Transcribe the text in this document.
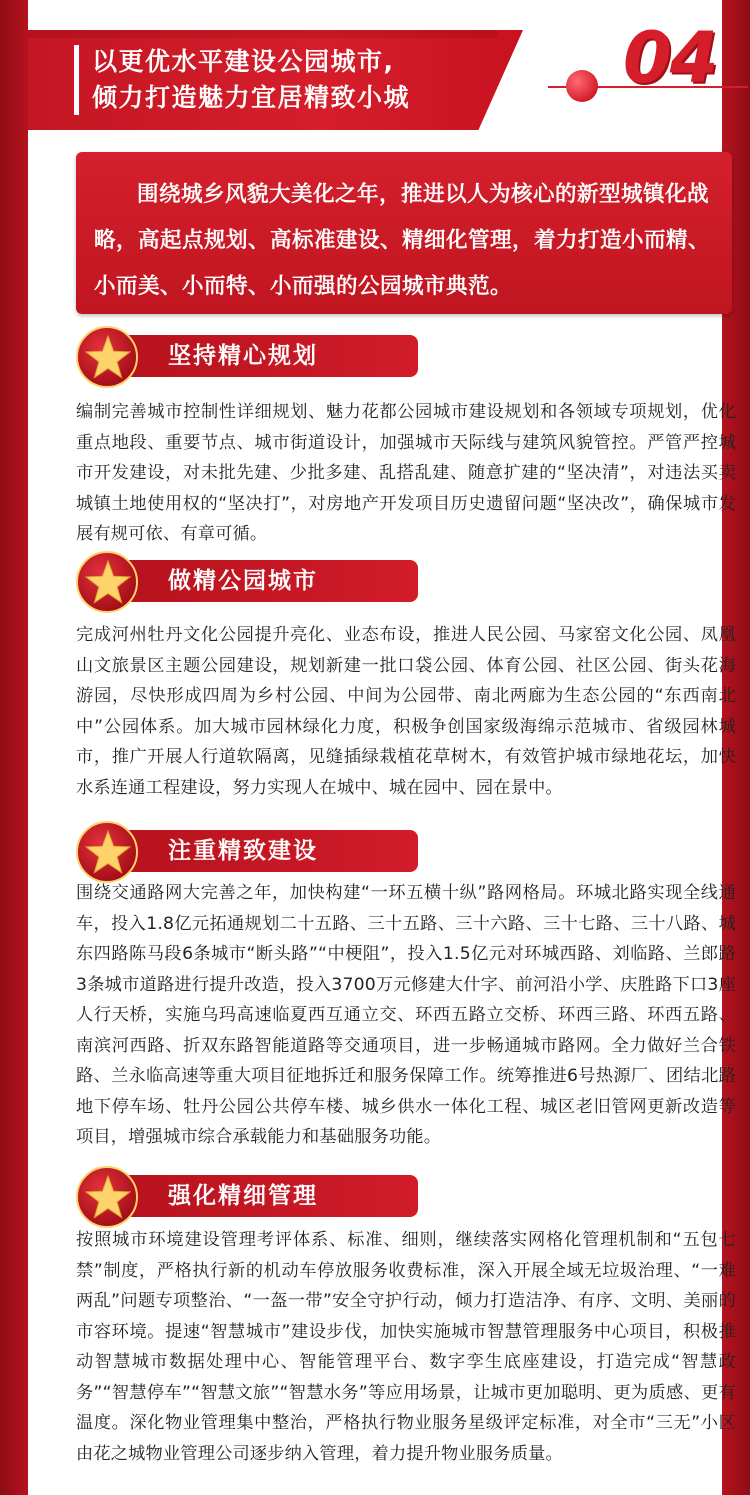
以更优水平建设公园城市,
倾力打造魅力宜居精致小城	04
围绕城乡风貌大美化之年，推进以人为核心的新型城镇化战略，高起点规划、高标准建设、精细化管理，着力打造小而精、小而美、小而特、小而强的公园城市典范。
坚持精心规划
编制完善城市控制性详细规划、魅力花都公园城市建设规划和各领域专项规划，优化重点地段、重要节点、城市街道设计，加强城市天际线与建筑风貌管控。严管严控城市开发建设，对未批先建、少批多建、乱搭乱建、随意扩建的“坚决清”，对违法买卖城镇土地使用权的“坚决打”，对房地产开发项目历史遗留问题“坚决改”，确保城市发展有规可依、有章可循。
做精公园城市
完成河州牡丹文化公园提升亮化、业态布设，推进人民公园、马家窑文化公园、凤凰山文旅景区主题公园建设，规划新建一批口袋公园、体育公园、社区公园、街头花海游园，尽快形成四周为乡村公园、中间为公园带、南北两廊为生态公园的“东西南北中”公园体系。加大城市园林绿化力度，积极争创国家级海绵示范城市、省级园林城市，推广开展人行道软隔离，见缝插绿栽植花草树木，有效管护城市绿地花坛，加快水系连通工程建设，努力实现人在城中、城在园中、园在景中。
注重精致建设
围绕交通路网大完善之年，加快构建“一环五横十纵”路网格局。环城北路实现全线通车，投入1.8亿元拓通规划二十五路、三十五路、三十六路、三十七路、三十八路、城东四路陈马段6条城市“断头路”“中梗阻”，投入1.5亿元对环城西路、刘临路、兰郎路3条城市道路进行提升改造，投入3700万元修建大什字、前河沿小学、庆胜路下口3座人行天桥，实施乌玛高速临夏西互通立交、环西五路立交桥、环西三路、环西五路、南滨河西路、折双东路智能道路等交通项目，进一步畅通城市路网。全力做好兰合铁路、兰永临高速等重大项目征地拆迁和服务保障工作。统筹推进6号热源厂、团结北路地下停车场、牡丹公园公共停车楼、城乡供水一体化工程、城区老旧管网更新改造等项目，增强城市综合承载能力和基础服务功能。
强化精细管理
按照城市环境建设管理考评体系、标准、细则，继续落实网格化管理机制和“五包七禁”制度，严格执行新的机动车停放服务收费标准，深入开展全域无垃圾治理、“一难两乱”问题专项整治、“一盔一带”安全守护行动，倾力打造洁净、有序、文明、美丽的市容环境。提速“智慧城市”建设步伐，加快实施城市智慧管理服务中心项目，积极推动智慧城市数据处理中心、智能管理平台、数字孪生底座建设，打造完成“智慧政务”“智慧停车”“智慧文旅”“智慧水务”等应用场景，让城市更加聪明、更为质感、更有温度。深化物业管理集中整治，严格执行物业服务星级评定标准，对全市“三无”小区由花之城物业管理公司逐步纳入管理，着力提升物业服务质量。
